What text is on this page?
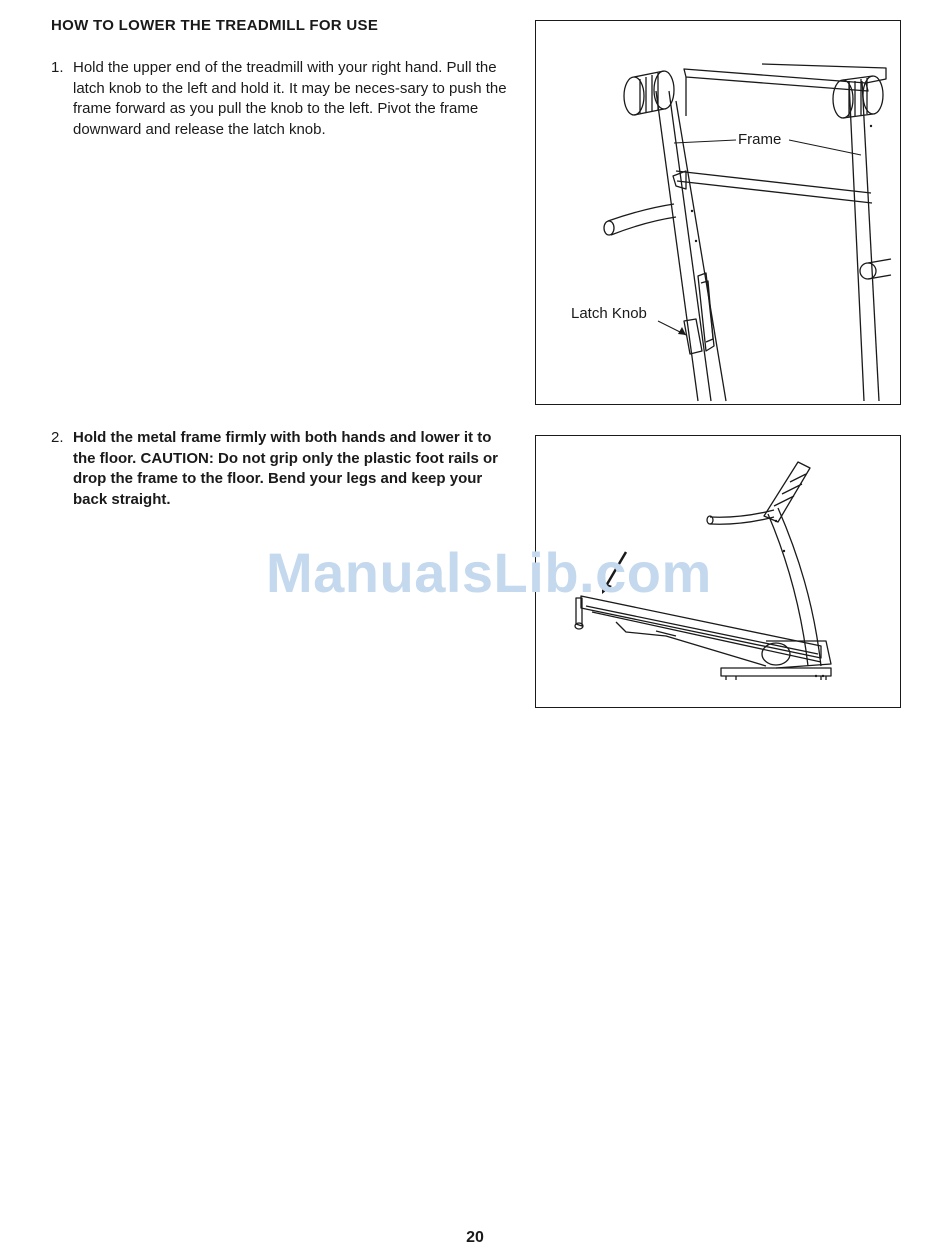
HOW TO LOWER THE TREADMILL FOR USE
1. Hold the upper end of the treadmill with your right hand. Pull the latch knob to the left and hold it. It may be neces-sary to push the frame forward as you pull the knob to the left. Pivot the frame downward and release the latch knob.
2. Hold the metal frame firmly with both hands and lower it to the floor. CAUTION: Do not grip only the plastic foot rails or drop the frame to the floor. Bend your legs and keep your back straight.
Frame
Latch Knob
ManualsLib.com
20
